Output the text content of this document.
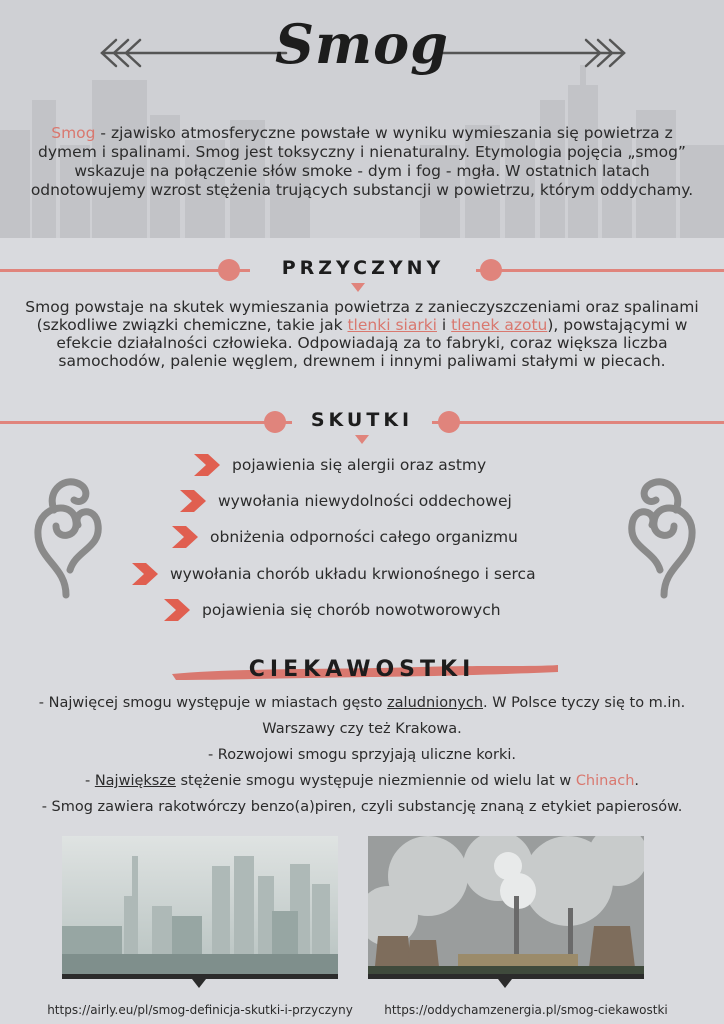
Smog
Smog - zjawisko atmosferyczne powstałe w wyniku wymieszania się powietrza z dymem i spalinami. Smog jest toksyczny i nienaturalny. Etymologia pojęcia „smog” wskazuje na połączenie słów smoke - dym i fog - mgła. W ostatnich latach odnotowujemy wzrost stężenia trujących substancji w powietrzu, którym oddychamy.
PRZYCZYNY
Smog powstaje na skutek wymieszania powietrza z zanieczyszczeniami oraz spalinami (szkodliwe związki chemiczne, takie jak tlenki siarki i tlenek azotu), powstającymi w efekcie działalności człowieka. Odpowiadają za to fabryki, coraz większa liczba samochodów, palenie węglem, drewnem i innymi paliwami stałymi w piecach.
SKUTKI
pojawienia się alergii oraz astmy
wywołania niewydolności oddechowej
obniżenia odporności całego organizmu
wywołania chorób układu krwionośnego i serca
pojawienia się chorób nowotworowych
CIEKAWOSTKI
- Najwięcej smogu występuje w miastach gęsto zaludnionych. W Polsce tyczy się to m.in.
Warszawy czy też Krakowa.
- Rozwojowi smogu sprzyjają uliczne korki.
- Największe stężenie smogu występuje niezmiennie od wielu lat w Chinach.
- Smog zawiera rakotwórczy benzo(a)piren, czyli substancję znaną z etykiet papierosów.
https://airly.eu/pl/smog-definicja-skutki-i-przyczyny	https://oddychamzenergia.pl/smog-ciekawostki
